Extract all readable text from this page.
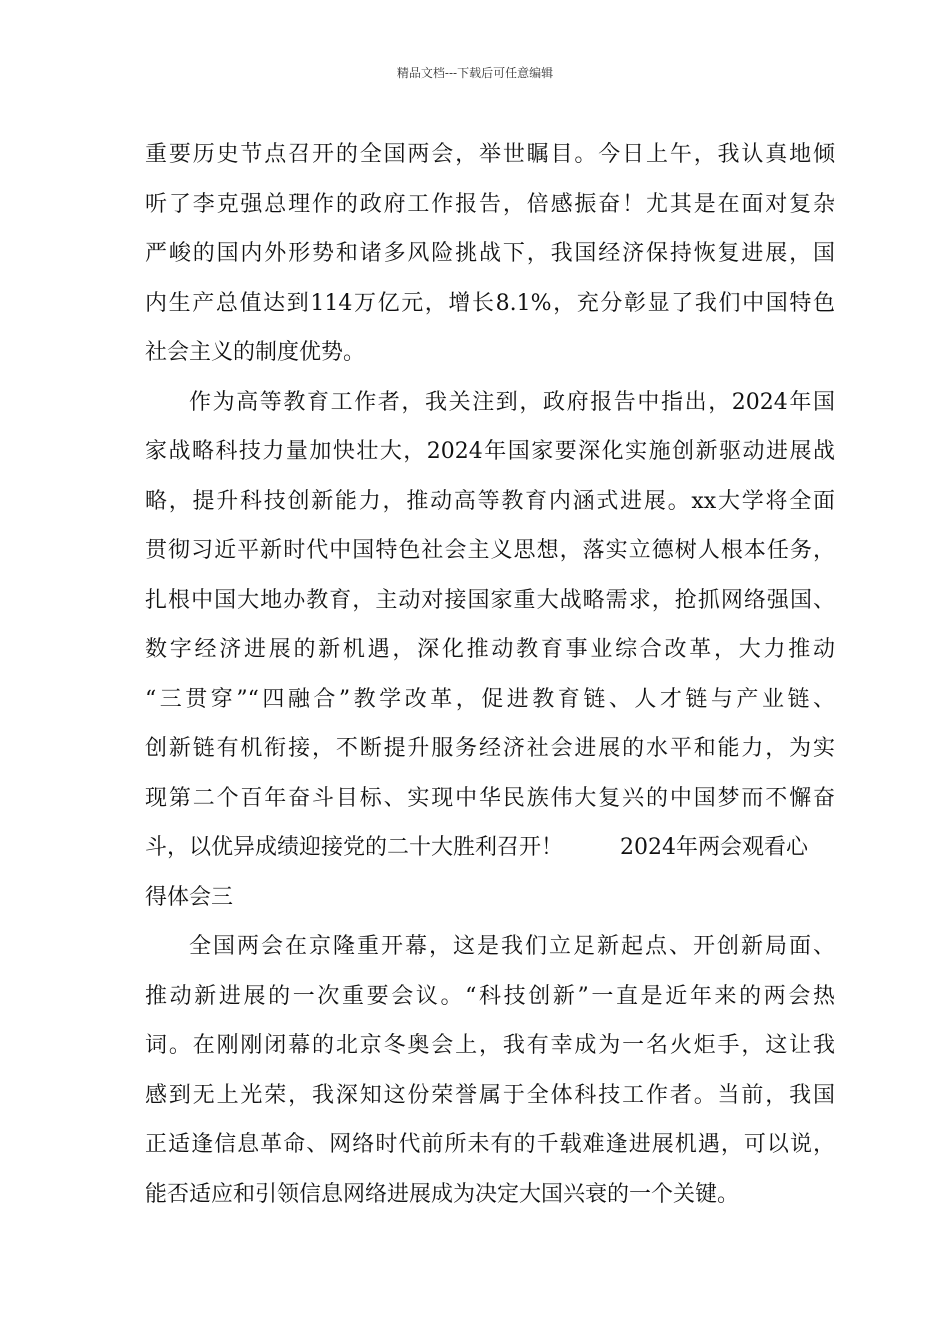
精品文档---下载后可任意编辑
重要历史节点召开的全国两会，举世瞩目。今日上午，我认真地倾
听了李克强总理作的政府工作报告，倍感振奋！尤其是在面对复杂
严峻的国内外形势和诸多风险挑战下，我国经济保持恢复进展，国
内生产总值达到114万亿元，增长8.1%，充分彰显了我们中国特色
社会主义的制度优势。
作为高等教育工作者，我关注到，政府报告中指出，2024年国
家战略科技力量加快壮大，2024年国家要深化实施创新驱动进展战
略，提升科技创新能力，推动高等教育内涵式进展。xx大学将全面
贯彻习近平新时代中国特色社会主义思想，落实立德树人根本任务，
扎根中国大地办教育，主动对接国家重大战略需求，抢抓网络强国、
数字经济进展的新机遇，深化推动教育事业综合改革，大力推动
“三贯穿”“四融合”教学改革，促进教育链、人才链与产业链、
创新链有机衔接，不断提升服务经济社会进展的水平和能力，为实
现第二个百年奋斗目标、实现中华民族伟大复兴的中国梦而不懈奋
斗，以优异成绩迎接党的二十大胜利召开！	2024年两会观看心
得体会三
全国两会在京隆重开幕，这是我们立足新起点、开创新局面、
推动新进展的一次重要会议。“科技创新”一直是近年来的两会热
词。在刚刚闭幕的北京冬奥会上，我有幸成为一名火炬手，这让我
感到无上光荣，我深知这份荣誉属于全体科技工作者。当前，我国
正适逢信息革命、网络时代前所未有的千载难逢进展机遇，可以说，
能否适应和引领信息网络进展成为决定大国兴衰的一个关键。
